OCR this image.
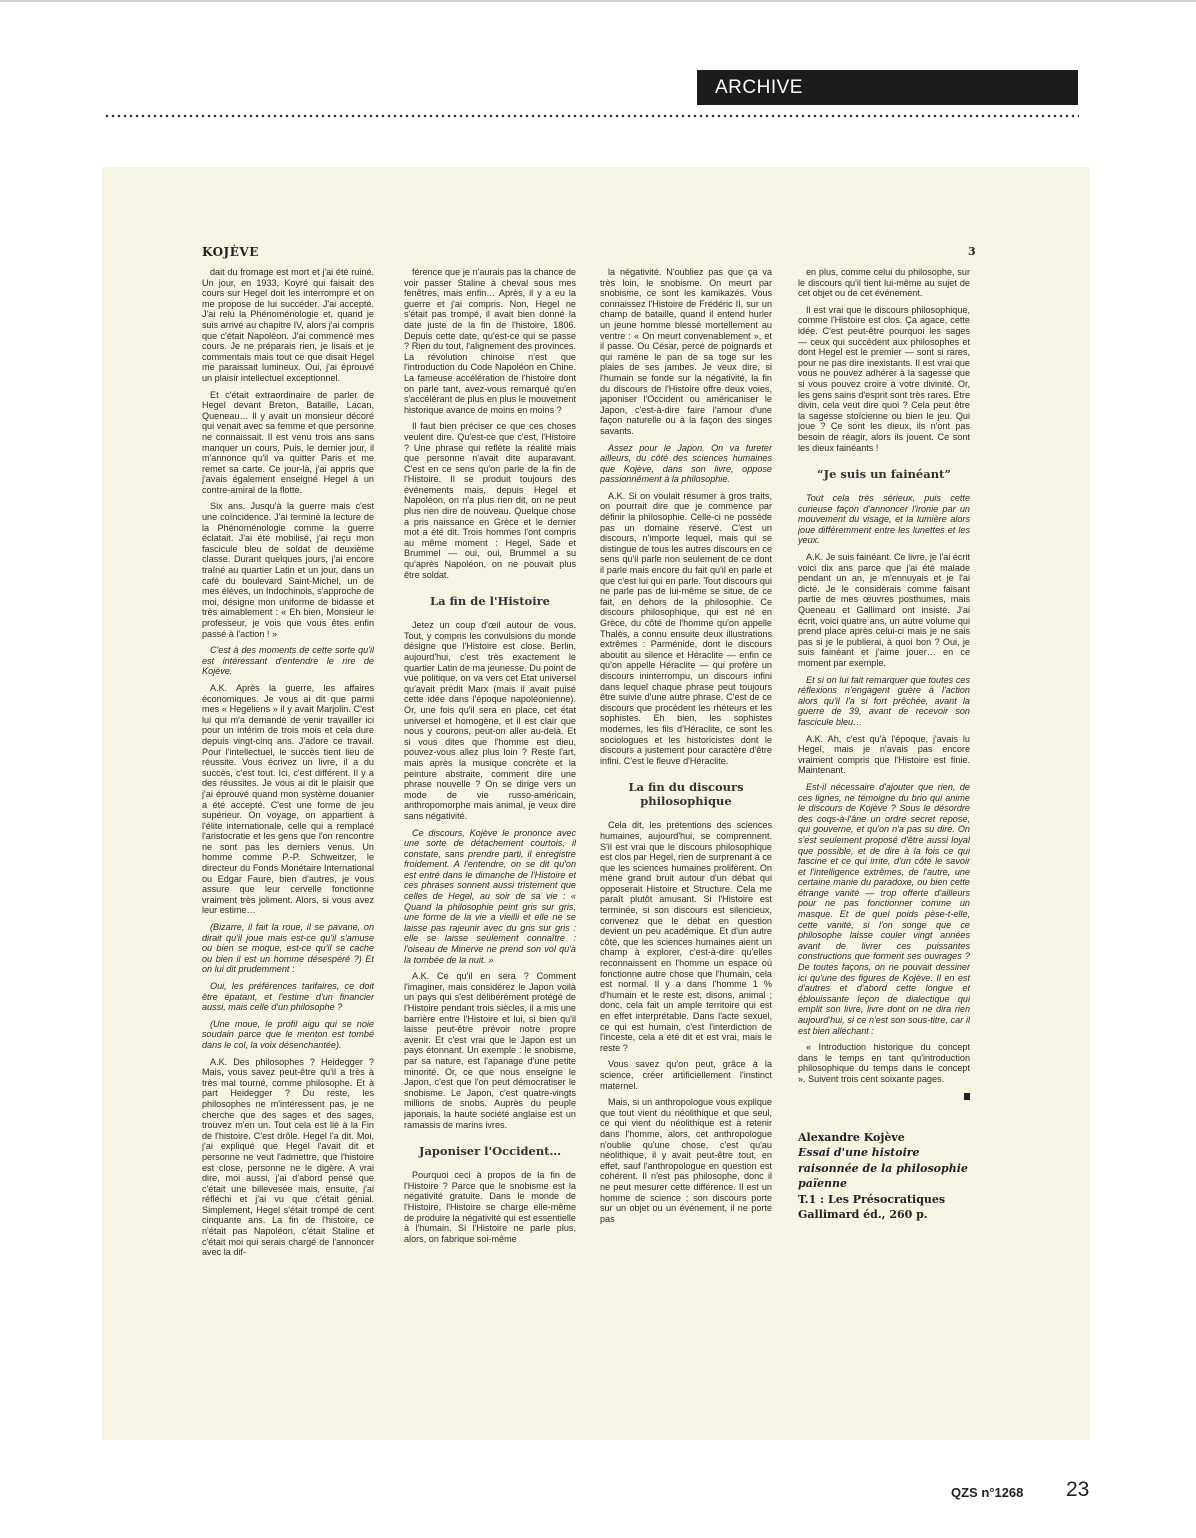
ARCHIVE
KOJÈVE	3

dait du fromage est mort et j'ai été ruiné. Un jour, en 1933, Koyré qui faisait des cours sur Hegel doit les interrompre et on me propose de lui succéder. J'ai accepté. J'ai relu la Phénoménologie et, quand je suis arrivé au chapitre IV, alors j'ai compris que c'était Napoléon. J'ai commencé mes cours. Je ne préparais rien, je lisais et je commentais mais tout ce que disait Hegel me paraissait lumineux. Oui, j'ai éprouvé un plaisir intellectuel exceptionnel.

Et c'était extraordinaire de parler de Hegel devant Breton, Bataille, Lacan, Queneau… Il y avait un monsieur décoré qui venait avec sa femme et que personne ne connaissait. Il est venu trois ans sans manquer un cours. Puis, le dernier jour, il m'annonce qu'il va quitter Paris et me remet sa carte. Ce jour-là, j'ai appris que j'avais également enseigné Hegel à un contre-amiral de la flotte.

Six ans. Jusqu'à la guerre mais c'est une coïncidence. J'ai terminé la lecture de la Phénoménologie comme la guerre éclatait. J'ai été mobilisé, j'ai reçu mon fascicule bleu de soldat de deuxième classe. Durant quelques jours, j'ai encore traîné au quartier Latin et un jour, dans un café du boulevard Saint-Michel, un de mes élèves, un Indochinois, s'approche de moi, désigne mon uniforme de bidasse et très aimablement : « Eh bien, Monsieur le professeur, je vois que vous êtes enfin passé à l'action ! »

C'est à des moments de cette sorte qu'il est intéressant d'entendre le rire de Kojève.

A.K. Après la guerre, les affaires économiques. Je vous ai dit que parmi mes « Hegeliens » il y avait Marjolin. C'est lui qui m'a demandé de venir travailler ici pour un intérim de trois mois et cela dure depuis vingt-cinq ans. J'adore ce travail. Pour l'intellectuel, le succès tient lieu de réussite. Vous écrivez un livre, il a du succès, c'est tout. Ici, c'est différent. Il y a des réussites. Je vous ai dit le plaisir que j'ai éprouvé quand mon système douanier a été accepté. C'est une forme de jeu supérieur. On voyage, on appartient à l'élite internationale, celle qui a remplacé l'aristocratie et les gens que l'on rencontre ne sont pas les derniers venus. Un homme comme P.-P. Schweitzer, le directeur du Fonds Monétaire International ou Edgar Faure, bien d'autres, je vous assure que leur cervelle fonctionne vraiment très joliment. Alors, si vous avez leur estime…

(Bizarre, il fait la roue, il se pavane, on dirait qu'il joue mais est-ce qu'il s'amuse ou bien se moque, est-ce qu'il se cache ou bien il est un homme désespéré ?) Et on lui dit prudemment :

Oui, les préférences tarifaires, ce doit être épatant, et l'estime d'un financier aussi, mais celle d'un philosophe ?

(Une moue, le profil aigu qui se noie soudain parce que le menton est tombé dans le col, la voix désenchantée).

A.K. Des philosophes ? Heidegger ? Mais, vous savez peut-être qu'il a très à très mal tourné, comme philosophe. Et à part Heidegger ? Du reste, les philosophes ne m'intéressent pas, je ne cherche que des sages et des sages, trouvez m'en un. Tout cela est lié à la Fin de l'histoire. C'est drôle. Hegel l'a dit. Moi, j'ai expliqué que Hegel l'avait dit et personne ne veut l'admettre, que l'histoire est close, personne ne le digère. A vrai dire, moi aussi, j'ai d'abord pensé que c'était une billevesée mais, ensuite, j'ai réfléchi et j'ai vu que c'était génial. Simplement, Hegel s'était trompé de cent cinquante ans. La fin de l'histoire, ce n'était pas Napoléon, c'était Staline et c'était moi qui serais chargé de l'annoncer avec la dif-

férence que je n'aurais pas la chance de voir passer Staline à cheval sous mes fenêtres, mais enfin… Après, il y a eu la guerre et j'ai compris. Non, Hegel ne s'était pas trompé, il avait bien donné la date juste de la fin de l'histoire, 1806. Depuis cette date, qu'est-ce qui se passe ? Rien du tout, l'alignement des provinces. La révolution chinoise n'est que l'introduction du Code Napoléon en Chine. La fameuse accélération de l'histoire dont on parle tant, avez-vous remarqué qu'en s'accélérant de plus en plus le mouvement historique avance de moins en moins ?

Il faut bien préciser ce que ces choses veulent dire. Qu'est-ce que c'est, l'Histoire ? Une phrase qui reflète la réalité mais que personne n'avait dite auparavant. C'est en ce sens qu'on parle de la fin de l'Histoire. Il se produit toujours des événements mais, depuis Hegel et Napoléon, on n'a plus rien dit, on ne peut plus rien dire de nouveau. Quelque chose a pris naissance en Grèce et le dernier mot a été dit. Trois hommes l'ont compris au même moment : Hegel, Sade et Brummel — oui, oui, Brummel a su qu'après Napoléon, on ne pouvait plus être soldat.

La fin de l'Histoire

Jetez un coup d'œil autour de vous. Tout, y compris les convulsions du monde désigne que l'Histoire est close. Berlin, aujourd'hui, c'est très exactement le quartier Latin de ma jeunesse. Du point de vue politique, on va vers cet Etat universel qu'avait prédit Marx (mais il avait puisé cette idée dans l'époque napoléonienne). Or, une fois qu'il sera en place, cet état universel et homogène, et il est clair que nous y courons, peut-on aller au-delà. Et si vous dites que l'homme est dieu, pouvez-vous allez plus loin ? Reste l'art, mais après la musique concrète et la peinture abstraite, comment dire une phrase nouvelle ? On se dirige vers un mode de vie russo-américain, anthropomorphe mais animal, je veux dire sans négativité.

Ce discours, Kojève le prononce avec une sorte de détachement courtois, il constate, sans prendre parti, il enregistre froidement. A l'entendre, on se dit qu'on est entré dans le dimanche de l'Histoire et ces phrases sonnent aussi tristement que celles de Hegel, au soir de sa vie : « Quand la philosophie peint gris sur gris, une forme de la vie a vieilli et elle ne se laisse pas rajeunir avec du gris sur gris : elle se laisse seulement connaître : l'oiseau de Minerve ne prend son vol qu'à la tombée de la nuit. »

A.K. Ce qu'il en sera ? Comment l'imaginer, mais considérez le Japon voilà un pays qui s'est délibérément protégé de l'Histoire pendant trois siècles, il a mis une barrière entre l'Histoire et lui, si bien qu'il laisse peut-être prévoir notre propre avenir. Et c'est vrai que le Japon est un pays étonnant. Un exemple : le snobisme, par sa nature, est l'apanage d'une petite minorité. Or, ce que nous enseigne le Japon, c'est que l'on peut démocratiser le snobisme. Le Japon, c'est quatre-vingts millions de snobs. Auprès du peuple japonais, la haute société anglaise est un ramassis de marins ivres.

Japoniser l'Occident…

Pourquoi ceci à propos de la fin de l'Histoire ? Parce que le snobisme est la négativité gratuite. Dans le monde de l'Histoire, l'Histoire se charge elle-même de produire la négativité qui est essentielle à l'humain. Si l'Histoire ne parle plus, alors, on fabrique soi-même

la négativité. N'oubliez pas que ça va très loin, le snobisme. On meurt par snobisme, ce sont les kamikazés. Vous connaissez l'Histoire de Frédéric II, sur un champ de bataille, quand il entend hurler un jeune homme blessé mortellement au ventre : « On meurt convenablement », et il passe. Ou César, percé de poignards et qui ramène le pan de sa toge sur les plaies de ses jambes. Je veux dire, si l'humain se fonde sur la négativité, la fin du discours de l'Histoire offre deux voies, japoniser l'Occident ou américaniser le Japon, c'est-à-dire faire l'amour d'une façon naturelle ou à la façon des singes savants.

Assez pour le Japon. On va fureter ailleurs, du côté des sciences humaines que Kojève, dans son livre, oppose passionnément à la philosophie.

A.K. Si on voulait résumer à gros traits, on pourrait dire que je commence par définir la philosophie. Celle-ci ne possède pas un domaine réservé. C'est un discours, n'importe lequel, mais qui se distingue de tous les autres discours en ce sens qu'il parle non seulement de ce dont il parle mais encore du fait qu'il en parle et que c'est lui qui en parle. Tout discours qui ne parle pas de lui-même se situe, de ce fait, en dehors de la philosophie. Ce discours philosophique, qui est né en Grèce, du côté de l'homme qu'on appelle Thalès, a connu ensuite deux illustrations extrêmes : Parménide, dont le discours aboutit au silence et Héraclite — enfin ce qu'on appelle Héraclite — qui profère un discours ininterrompu, un discours infini dans lequel chaque phrase peut toujours être suivie d'une autre phrase. C'est de ce discours que procèdent les rhéteurs et les sophistes. Eh bien, les sophistes modernes, les fils d'Héraclite, ce sont les sociologues et les historicistes dont le discours a justement pour caractère d'être infini. C'est le fleuve d'Héraclite.

La fin du discours philosophique

Cela dit, les prétentions des sciences humaines, aujourd'hui, se comprennent. S'il est vrai que le discours philosophique est clos par Hegel, rien de surprenant à ce que les sciences humaines prolifèrent. On mène grand bruit autour d'un débat qui opposerait Histoire et Structure. Cela me paraît plutôt amusant. Si l'Histoire est terminée, si son discours est silencieux, convenez que le débat en question devient un peu académique. Et d'un autre côté, que les sciences humaines aient un champ à explorer, c'est-à-dire qu'elles reconnaissent en l'homme un espace où fonctionne autre chose que l'humain, cela est normal. Il y a dans l'homme 1 % d'humain et le reste est, disons, animal ; donc, cela fait un ample territoire qui est en effet interprétable. Dans l'acte sexuel, ce qui est humain, c'est l'interdiction de l'inceste, cela a été dit et est vrai, mais le reste ?

Vous savez qu'on peut, grâce à la science, créer artificiellement l'instinct maternel.

Mais, si un anthropologue vous explique que tout vient du néolithique et que seul, ce qui vient du néolithique est à retenir dans l'homme, alors, cet anthropologue n'oublie qu'une chose, c'est qu'au néolithique, il y avait peut-être tout, en effet, sauf l'anthropologue en question est cohérent. Il n'est pas philosophe, donc il ne peut mesurer cette différence. Il est un homme de science ; son discours porte sur un objet ou un événement, il ne porte pas

en plus, comme celui du philosophe, sur le discours qu'il tient lui-même au sujet de cet objet ou de cet événement.

Il est vrai que le discours philosophique, comme l'Histoire est clos. Ça agace, cette idée. C'est peut-être pourquoi les sages — ceux qui succèdent aux philosophes et dont Hegel est le premier — sont si rares, pour ne pas dire inexistants. Il est vrai que vous ne pouvez adhérer à la sagesse que si vous pouvez croire à votre divinité. Or, les gens sains d'esprit sont très rares. Etre divin, cela veut dire quoi ? Cela peut être la sagesse stoïcienne ou bien le jeu. Qui joue ? Ce sont les dieux, ils n'ont pas besoin de réagir, alors ils jouent. Ce sont les dieux fainéants !

“Je suis un fainéant”

Tout cela très sérieux, puis cette curieuse façon d'annoncer l'ironie par un mouvement du visage, et la lumière alors joue différemment entre les lunettes et les yeux.

A.K. Je suis fainéant. Ce livre, je l'ai écrit voici dix ans parce que j'ai été malade pendant un an, je m'ennuyais et je l'ai dicté. Je le considérais comme faisant partie de mes œuvres posthumes, mais Queneau et Gallimard ont insisté. J'ai écrit, voici quatre ans, un autre volume qui prend place après celui-ci mais je ne sais pas si je le publierai, à quoi bon ? Oui, je suis fainéant et j'aime jouer… en ce moment par exemple.

Et si on lui fait remarquer que toutes ces réflexions n'engagent guère à l'action alors qu'il l'a si fort prêchée, avant la guerre de 39, avant de recevoir son fascicule bleu…

A.K. Ah, c'est qu'à l'époque, j'avais lu Hegel, mais je n'avais pas encore vraiment compris que l'Histoire est finie. Maintenant.

Est-il nécessaire d'ajouter que rien, de ces lignes, ne témoigne du brio qui anime le discours de Kojève ? Sous le désordre des coqs-à-l'âne un ordre secret repose, qui gouverne, et qu'on n'a pas su dire. On s'est seulement proposé d'être aussi loyal que possible, et de dire à la fois ce qui fascine et ce qui irrite, d'un côté le savoir et l'intelligence extrêmes, de l'autre, une certaine manie du paradoxe, ou bien cette étrange vanité — trop offerte d'ailleurs pour ne pas fonctionner comme un masque. Et de quel poids pèse-t-elle, cette vanité, si l'on songe que ce philosophe laisse couler vingt années avant de livrer ces puissantes constructions que forment ses ouvrages ? De toutes façons, on ne pouvait dessiner ici qu'une des figures de Kojève. Il en est d'autres et d'abord cette longue et éblouissante leçon de dialectique qui emplit son livre, livre dont on ne dira rien aujourd'hui, si ce n'est son sous-titre, car il est bien alléchant :

« Introduction historique du concept dans le temps en tant qu'introduction philosophique du temps dans le concept ». Suivent trois cent soixante pages.

Alexandre Kojève
Essai d'une histoire raisonnée de la philosophie païenne
T.1 : Les Présocratiques
Gallimard éd., 260 p.
QZS n°1268 23
